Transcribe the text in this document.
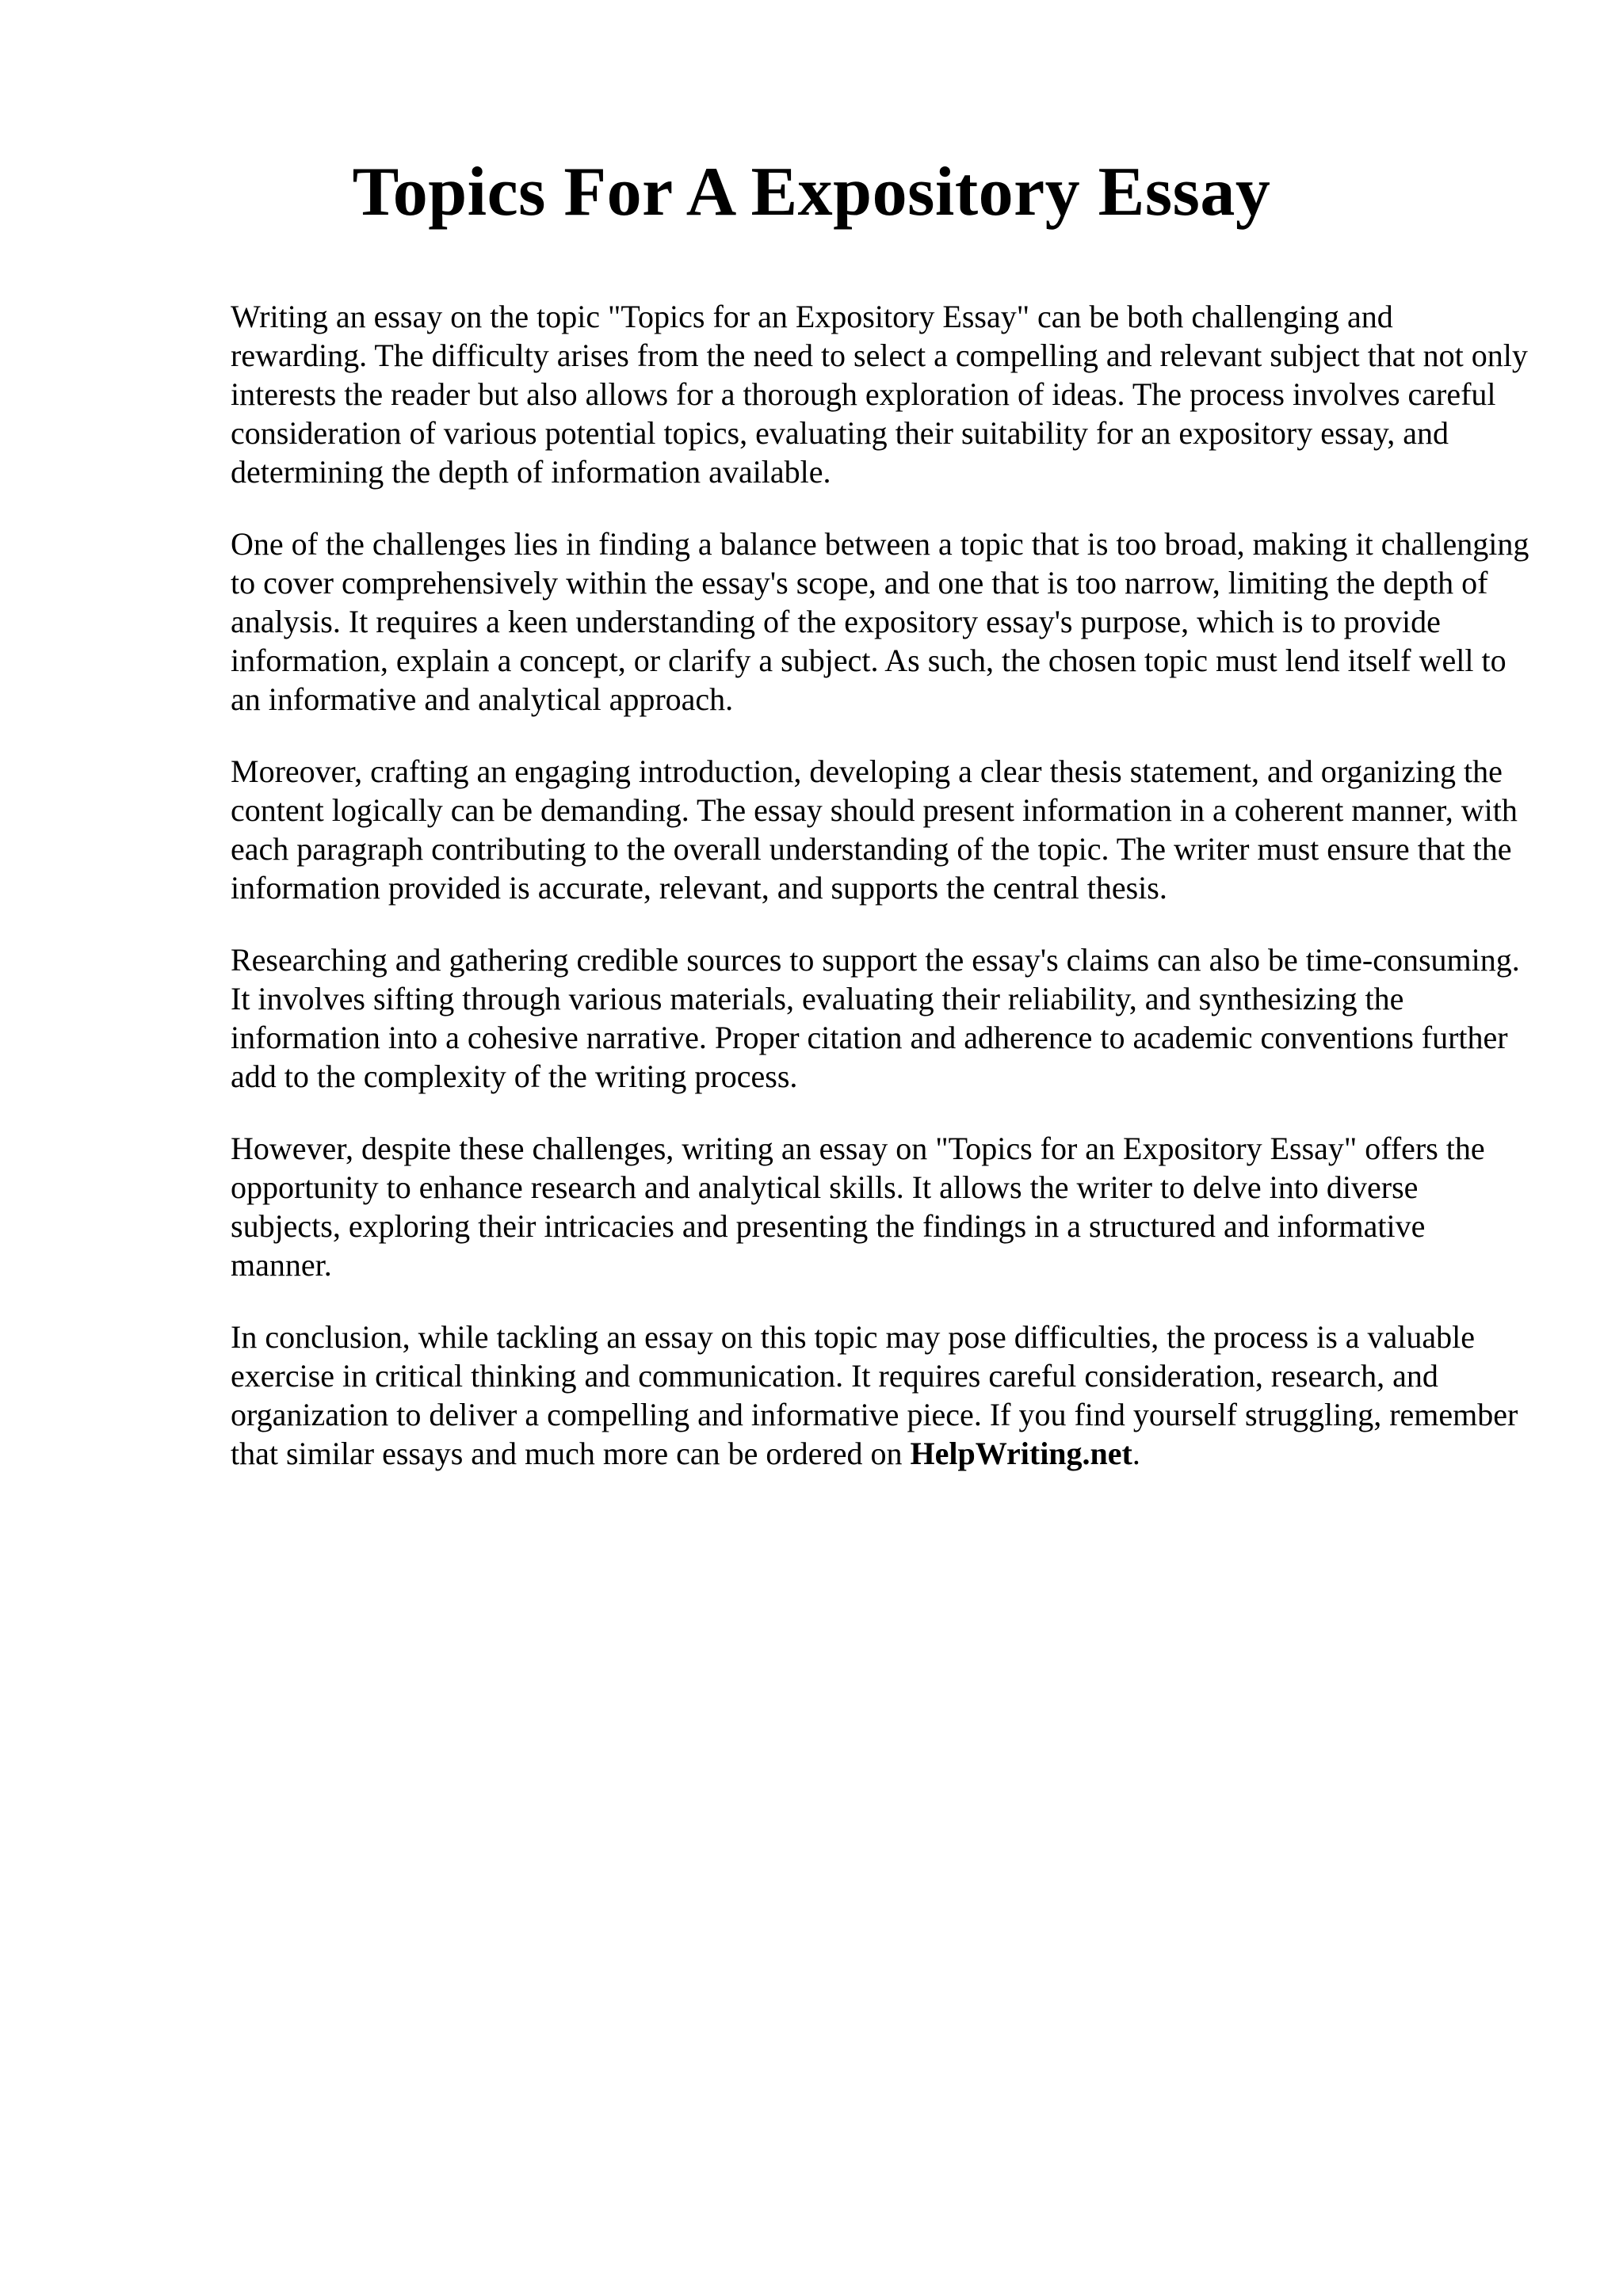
Topics For A Expository Essay

Writing an essay on the topic "Topics for an Expository Essay" can be both challenging and rewarding. The difficulty arises from the need to select a compelling and relevant subject that not only interests the reader but also allows for a thorough exploration of ideas. The process involves careful consideration of various potential topics, evaluating their suitability for an expository essay, and determining the depth of information available.

One of the challenges lies in finding a balance between a topic that is too broad, making it challenging to cover comprehensively within the essay's scope, and one that is too narrow, limiting the depth of analysis. It requires a keen understanding of the expository essay's purpose, which is to provide information, explain a concept, or clarify a subject. As such, the chosen topic must lend itself well to an informative and analytical approach.

Moreover, crafting an engaging introduction, developing a clear thesis statement, and organizing the content logically can be demanding. The essay should present information in a coherent manner, with each paragraph contributing to the overall understanding of the topic. The writer must ensure that the information provided is accurate, relevant, and supports the central thesis.

Researching and gathering credible sources to support the essay's claims can also be time-consuming. It involves sifting through various materials, evaluating their reliability, and synthesizing the information into a cohesive narrative. Proper citation and adherence to academic conventions further add to the complexity of the writing process.

However, despite these challenges, writing an essay on "Topics for an Expository Essay" offers the opportunity to enhance research and analytical skills. It allows the writer to delve into diverse subjects, exploring their intricacies and presenting the findings in a structured and informative manner.

In conclusion, while tackling an essay on this topic may pose difficulties, the process is a valuable exercise in critical thinking and communication. It requires careful consideration, research, and organization to deliver a compelling and informative piece. If you find yourself struggling, remember that similar essays and much more can be ordered on HelpWriting.net.
